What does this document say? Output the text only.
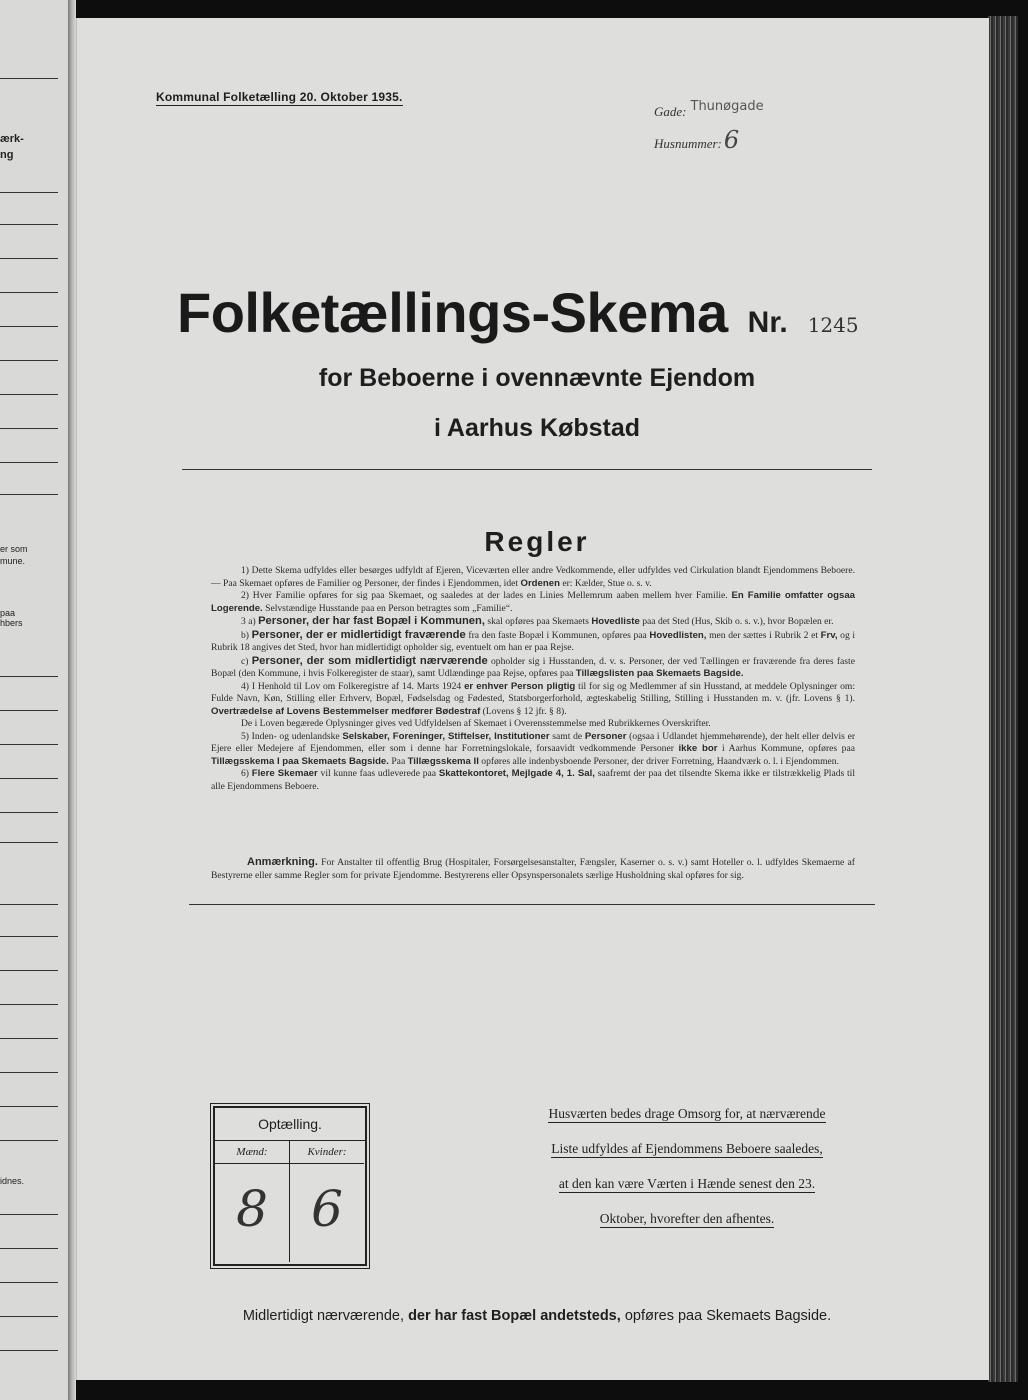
ærk-
ng
er som
mune.
paa
hbers
idnes.
Kommunal Folketælling 20. Oktober 1935.
Gade: Thunøgade
Husnummer:6
Folketællings-Skema Nr. 1245
for Beboerne i ovennævnte Ejendom
i Aarhus Købstad
Regler

1) Dette Skema udfyldes eller besørges udfyldt af Ejeren, Viceværten eller andre Vedkommende, eller udfyldes ved Cirkulation blandt Ejendommens Beboere. — Paa Skemaet opføres de Familier og Personer, der findes i Ejendommen, idet Ordenen er: Kælder, Stue o. s. v.

2) Hver Familie opføres for sig paa Skemaet, og saaledes at der lades en Linies Mellemrum aaben mellem hver Familie. En Familie omfatter ogsaa Logerende. Selvstændige Husstande paa en Person betragtes som „Familie“.

3 a) Personer, der har fast Bopæl i Kommunen, skal opføres paa Skemaets Hovedliste paa det Sted (Hus, Skib o. s. v.), hvor Bopælen er.

b) Personer, der er midlertidigt fraværende fra den faste Bopæl i Kommunen, opføres paa Hovedlisten, men der sættes i Rubrik 2 et Frv, og i Rubrik 18 angives det Sted, hvor han midlertidigt opholder sig, eventuelt om han er paa Rejse.

c) Personer, der som midlertidigt nærværende opholder sig i Husstanden, d. v. s. Personer, der ved Tællingen er fraværende fra deres faste Bopæl (den Kommune, i hvis Folkeregister de staar), samt Udlændinge paa Rejse, opføres paa Tillægslisten paa Skemaets Bagside.

4) I Henhold til Lov om Folkeregistre af 14. Marts 1924 er enhver Person pligtig til for sig og Medlemmer af sin Husstand, at meddele Oplysninger om: Fulde Navn, Køn, Stilling eller Erhverv, Bopæl, Fødselsdag og Fødested, Statsborgerforhold, ægteskabelig Stilling, Stilling i Husstanden m. v. (jfr. Lovens § 1). Overtrædelse af Lovens Bestemmelser medfører Bødestraf (Lovens § 12 jfr. § 8).

De i Loven begærede Oplysninger gives ved Udfyldelsen af Skemaet i Overensstemmelse med Rubrikkernes Overskrifter.

5) Inden- og udenlandske Selskaber, Foreninger, Stiftelser, Institutioner samt de Personer (ogsaa i Udlandet hjemmehørende), der helt eller delvis er Ejere eller Medejere af Ejendommen, eller som i denne har Forretningslokale, forsaavidt vedkommende Personer ikke bor i Aarhus Kommune, opføres paa Tillægsskema I paa Skemaets Bagside. Paa Tillægsskema II opføres alle indenbysboende Personer, der driver Forretning, Haandværk o. l. i Ejendommen.

6) Flere Skemaer vil kunne faas udleverede paa Skattekontoret, Mejlgade 4, 1. Sal, saafremt der paa det tilsendte Skema ikke er tilstrækkelig Plads til alle Ejendommens Beboere.

Anmærkning. For Anstalter til offentlig Brug (Hospitaler, Forsørgelsesanstalter, Fængsler, Kaserner o. s. v.) samt Hoteller o. l. udfyldes Skemaerne af Bestyrerne eller samme Regler som for private Ejendomme. Bestyrerens eller Opsynspersonalets særlige Husholdning skal opføres for sig.

Optælling.
Mænd:
8
Kvinder:
6
Husværten bedes drage Omsorg for, at nærværende
Liste udfyldes af Ejendommens Beboere saaledes,
at den kan være Værten i Hænde senest den 23.
Oktober, hvorefter den afhentes.
Midlertidigt nærværende, der har fast Bopæl andetsteds, opføres paa Skemaets Bagside.
